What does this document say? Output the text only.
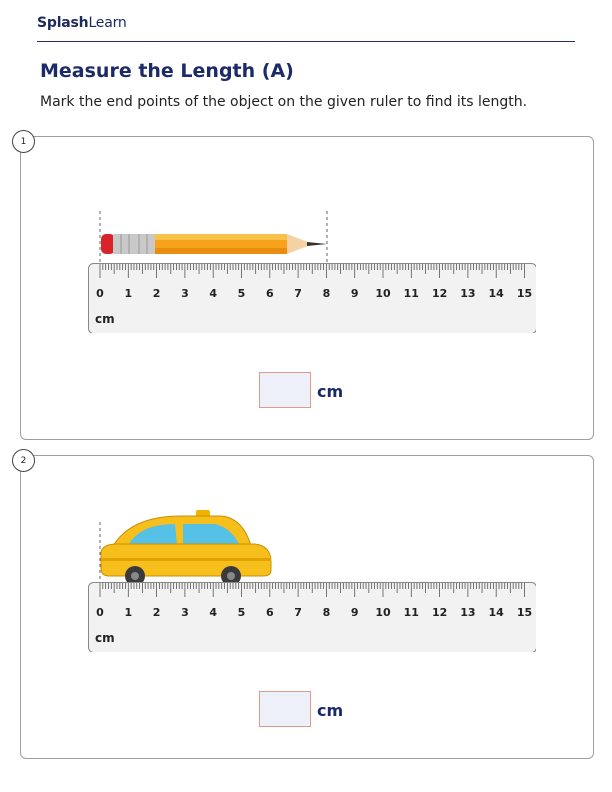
SplashLearn
Measure the Length (A)
Mark the end points of the object on the given ruler to find its length.
0 1 2 3 4 5 6 7 8 9 10 11 12 13 14 15
cm
cm
1
0 1 2 3 4 5 6 7 8 9 10 11 12 13 14 15
cm
cm
2
